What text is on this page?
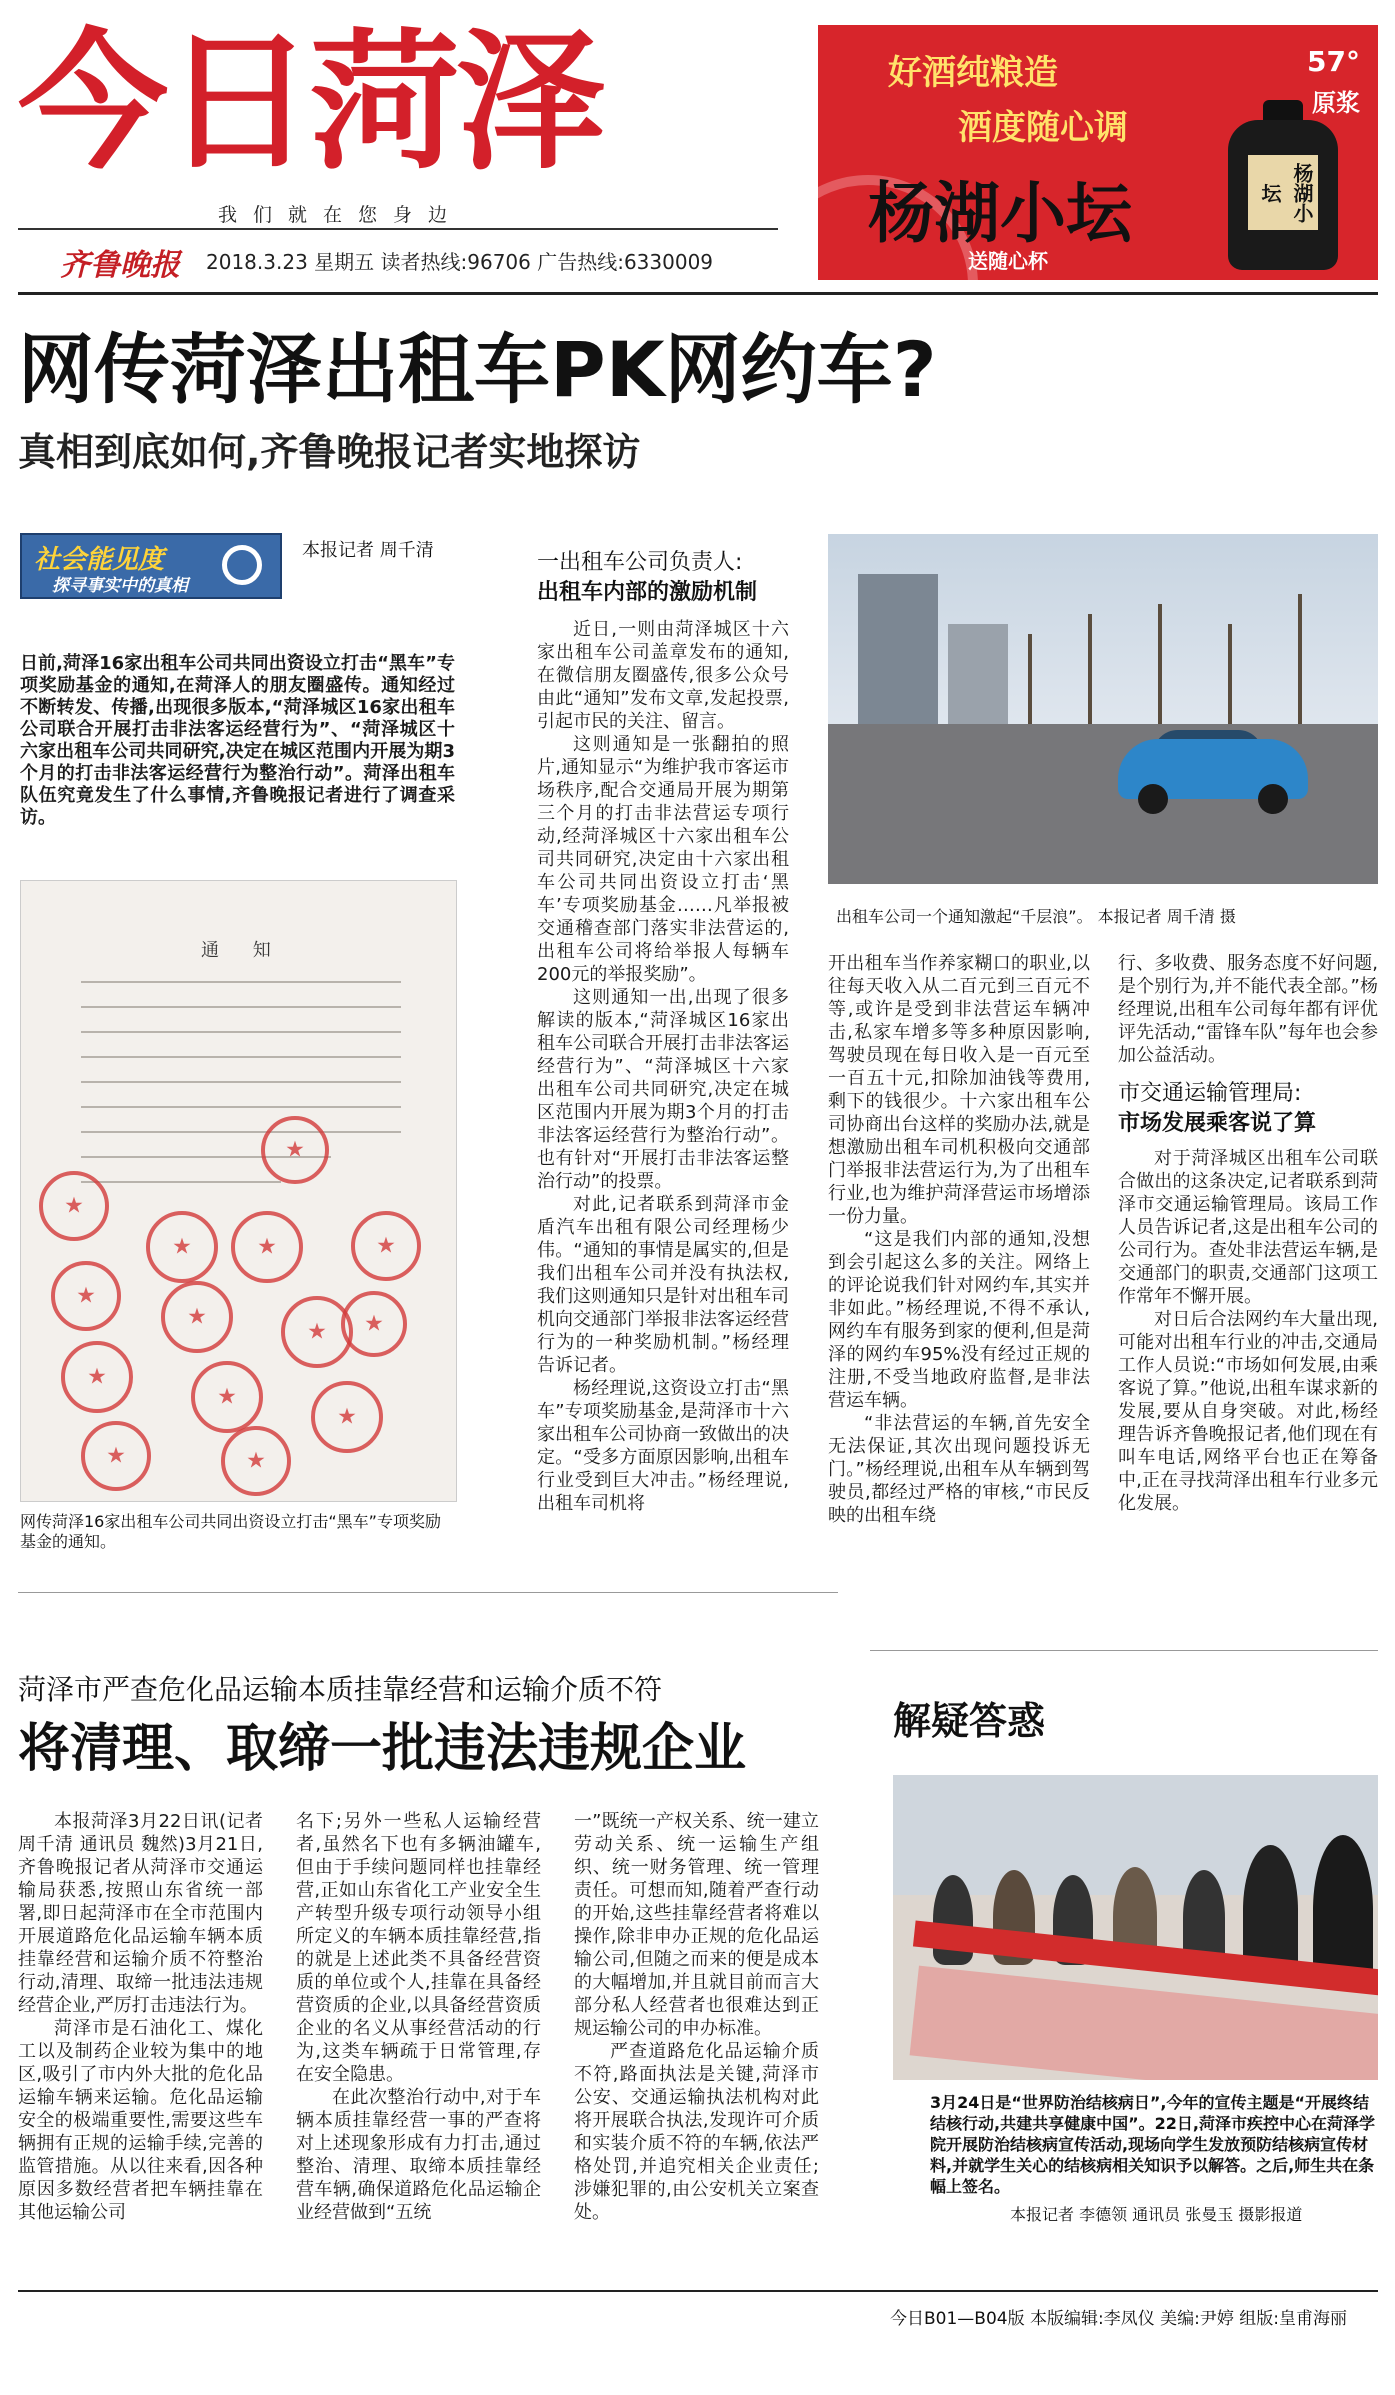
今日菏泽
我们就在您身边
齐鲁晚报 2018.3.23 星期五 读者热线:96706 广告热线:6330009
好酒纯粮造
酒度随心调
杨湖小坛
送随心杯
57°
原浆
杨湖小坛
网传菏泽出租车PK网约车?
真相到底如何,齐鲁晚报记者实地探访
社会能见度
探寻事实中的真相
本报记者 周千清

日前,菏泽16家出租车公司共同出资设立打击“黑车”专项奖励基金的通知,在菏泽人的朋友圈盛传。通知经过不断转发、传播,出现很多版本,“菏泽城区16家出租车公司联合开展打击非法客运经营行为”、“菏泽城区十六家出租车公司共同研究,决定在城区范围内开展为期3个月的打击非法客运经营行为整治行动”。菏泽出租车队伍究竟发生了什么事情,齐鲁晚报记者进行了调查采访。

通 知
★
★
★
★
★
★
★
★
★
★
★
★
★
★

网传菏泽16家出租车公司共同出资设立打击“黑车”专项奖励基金的通知。

一出租车公司负责人:
出租车内部的激励机制

近日,一则由菏泽城区十六家出租车公司盖章发布的通知,在微信朋友圈盛传,很多公众号由此“通知”发布文章,发起投票,引起市民的关注、留言。

这则通知是一张翻拍的照片,通知显示“为维护我市客运市场秩序,配合交通局开展为期第三个月的打击非法营运专项行动,经菏泽城区十六家出租车公司共同研究,决定由十六家出租车公司共同出资设立打击‘黑车’专项奖励基金……凡举报被交通稽查部门落实非法营运的,出租车公司将给举报人每辆车200元的举报奖励”。

这则通知一出,出现了很多解读的版本,“菏泽城区16家出租车公司联合开展打击非法客运经营行为”、“菏泽城区十六家出租车公司共同研究,决定在城区范围内开展为期3个月的打击非法客运经营行为整治行动”。也有针对“开展打击非法客运整治行动”的投票。

对此,记者联系到菏泽市金盾汽车出租有限公司经理杨少伟。“通知的事情是属实的,但是我们出租车公司并没有执法权,我们这则通知只是针对出租车司机向交通部门举报非法客运经营行为的一种奖励机制。”杨经理告诉记者。

杨经理说,这资设立打击“黑车”专项奖励基金,是菏泽市十六家出租车公司协商一致做出的决定。“受多方面原因影响,出租车行业受到巨大冲击。”杨经理说,出租车司机将

出租车公司一个通知激起“千层浪”。 本报记者 周千清 摄

开出租车当作养家糊口的职业,以往每天收入从二百元到三百元不等,或许是受到非法营运车辆冲击,私家车增多等多种原因影响,驾驶员现在每日收入是一百元至一百五十元,扣除加油钱等费用,剩下的钱很少。十六家出租车公司协商出台这样的奖励办法,就是想激励出租车司机积极向交通部门举报非法营运行为,为了出租车行业,也为维护菏泽营运市场增添一份力量。

“这是我们内部的通知,没想到会引起这么多的关注。网络上的评论说我们针对网约车,其实并非如此。”杨经理说,不得不承认,网约车有服务到家的便利,但是菏泽的网约车95%没有经过正规的注册,不受当地政府监督,是非法营运车辆。

“非法营运的车辆,首先安全无法保证,其次出现问题投诉无门。”杨经理说,出租车从车辆到驾驶员,都经过严格的审核,“市民反映的出租车绕

行、多收费、服务态度不好问题,是个别行为,并不能代表全部。”杨经理说,出租车公司每年都有评优评先活动,“雷锋车队”每年也会参加公益活动。

市交通运输管理局:
市场发展乘客说了算

对于菏泽城区出租车公司联合做出的这条决定,记者联系到菏泽市交通运输管理局。该局工作人员告诉记者,这是出租车公司的公司行为。查处非法营运车辆,是交通部门的职责,交通部门这项工作常年不懈开展。

对日后合法网约车大量出现,可能对出租车行业的冲击,交通局工作人员说:“市场如何发展,由乘客说了算。”他说,出租车谋求新的发展,要从自身突破。对此,杨经理告诉齐鲁晚报记者,他们现在有叫车电话,网络平台也正在筹备中,正在寻找菏泽出租车行业多元化发展。

菏泽市严查危化品运输本质挂靠经营和运输介质不符
将清理、取缔一批违法违规企业

本报菏泽3月22日讯(记者 周千清 通讯员 魏然)3月21日,齐鲁晚报记者从菏泽市交通运输局获悉,按照山东省统一部署,即日起菏泽市在全市范围内开展道路危化品运输车辆本质挂靠经营和运输介质不符整治行动,清理、取缔一批违法违规经营企业,严厉打击违法行为。

菏泽市是石油化工、煤化工以及制药企业较为集中的地区,吸引了市内外大批的危化品运输车辆来运输。危化品运输安全的极端重要性,需要这些车辆拥有正规的运输手续,完善的监管措施。从以往来看,因各种原因多数经营者把车辆挂靠在其他运输公司

名下;另外一些私人运输经营者,虽然名下也有多辆油罐车,但由于手续问题同样也挂靠经营,正如山东省化工产业安全生产转型升级专项行动领导小组所定义的车辆本质挂靠经营,指的就是上述此类不具备经营资质的单位或个人,挂靠在具备经营资质的企业,以具备经营资质企业的名义从事经营活动的行为,这类车辆疏于日常管理,存在安全隐患。

在此次整治行动中,对于车辆本质挂靠经营一事的严查将对上述现象形成有力打击,通过整治、清理、取缔本质挂靠经营车辆,确保道路危化品运输企业经营做到“五统

一”既统一产权关系、统一建立劳动关系、统一运输生产组织、统一财务管理、统一管理责任。可想而知,随着严查行动的开始,这些挂靠经营者将难以操作,除非申办正规的危化品运输公司,但随之而来的便是成本的大幅增加,并且就目前而言大部分私人经营者也很难达到正规运输公司的申办标准。

严查道路危化品运输介质不符,路面执法是关键,菏泽市公安、交通运输执法机构对此将开展联合执法,发现许可介质和实装介质不符的车辆,依法严格处罚,并追究相关企业责任;涉嫌犯罪的,由公安机关立案查处。

解疑答惑

3月24日是“世界防治结核病日”,今年的宣传主题是“开展终结结核行动,共建共享健康中国”。22日,菏泽市疾控中心在菏泽学院开展防治结核病宣传活动,现场向学生发放预防结核病宣传材料,并就学生关心的结核病相关知识予以解答。之后,师生共在条幅上签名。

本报记者 李德领 通讯员 张曼玉 摄影报道
今日B01—B04版 本版编辑:李凤仪 美编:尹婷 组版:皇甫海丽
